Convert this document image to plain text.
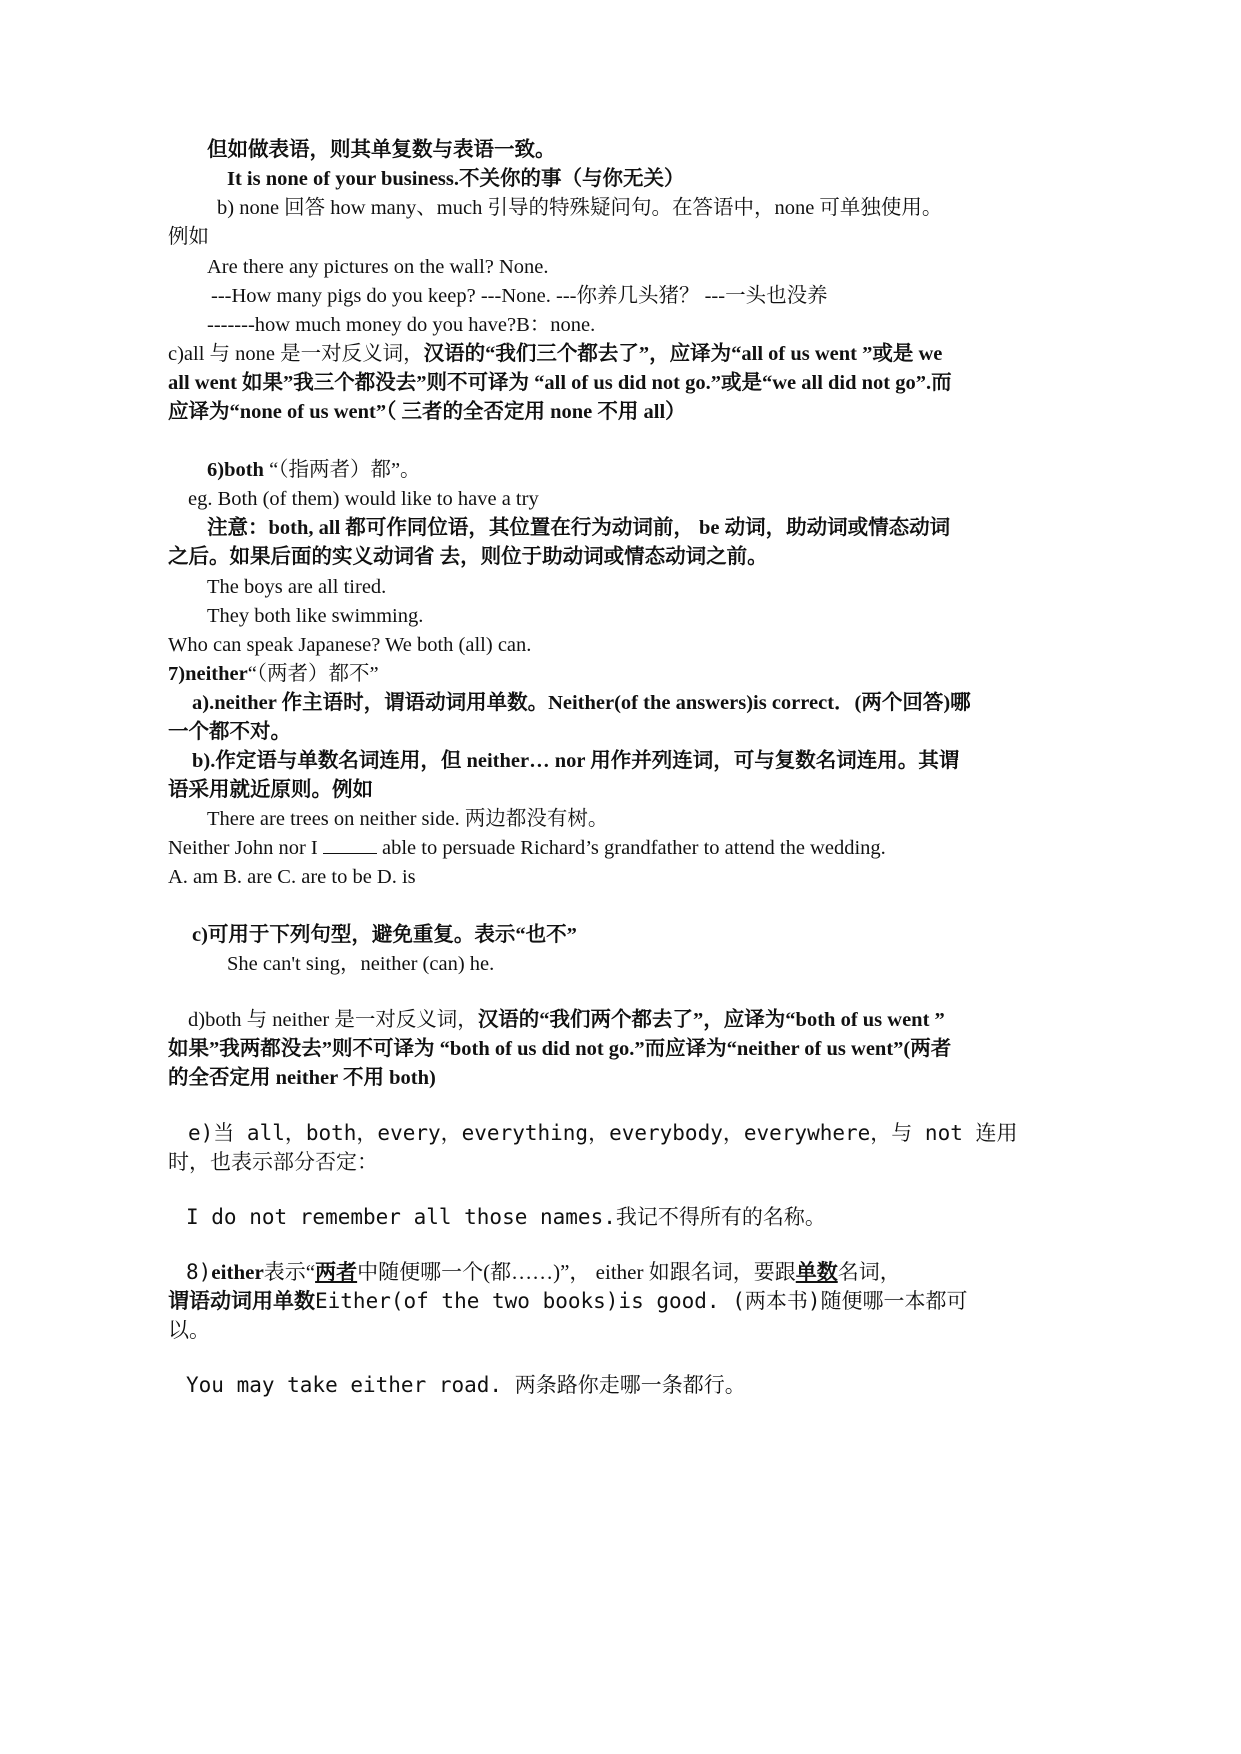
但如做表语，则其单复数与表语一致。
It is none of your business.不关你的事（与你无关）
b) none 回答 how many、much 引导的特殊疑问句。在答语中，none 可单独使用。
例如
Are there any pictures on the wall? None.
---How many pigs do you keep? ---None. ---你养几头猪？ ---一头也没养
-------how much money do you have?B：none.
c)all 与 none 是一对反义词，汉语的“我们三个都去了”，应译为“all of us went ”或是 we
all went 如果”我三个都没去”则不可译为 “all of us did not go.”或是“we all did not go”.而
应译为“none of us went”（ 三者的全否定用 none 不用 all）
6)both “（指两者）都”。
eg. Both (of them) would like to have a try
注意：both, all 都可作同位语，其位置在行为动词前， be 动词，助动词或情态动词
之后。如果后面的实义动词省 去，则位于助动词或情态动词之前。
The boys are all tired.
They both like swimming.
Who can speak Japanese? We both (all) can.
7)neither“（两者）都不”
a).neither 作主语时，谓语动词用单数。Neither(of the answers)is correct．(两个回答)哪
一个都不对。
b).作定语与单数名词连用，但 neither… nor 用作并列连词，可与复数名词连用。其谓
语采用就近原则。例如
There are trees on neither side. 两边都没有树。
Neither John nor I	able to persuade Richard’s grandfather to attend the wedding.
A. am B. are C. are to be D. is
c)可用于下列句型，避免重复。表示“也不”
She can't sing，neither (can) he.
d)both 与 neither 是一对反义词，汉语的“我们两个都去了”，应译为“both of us went ”
如果”我两都没去”则不可译为 “both of us did not go.”而应译为“neither of us went”(两者
的全否定用 neither 不用 both)
e)当 all，both，every，everything，everybody，everywhere，与 not 连用
时，也表示部分否定：
I do not remember all those names.我记不得所有的名称。
8)either表示“两者中随便哪一个(都……)”， either 如跟名词，要跟单数名词，
谓语动词用单数Either(of the two books)is good. (两本书)随便哪一本都可
以。
You may take either road. 两条路你走哪一条都行。
